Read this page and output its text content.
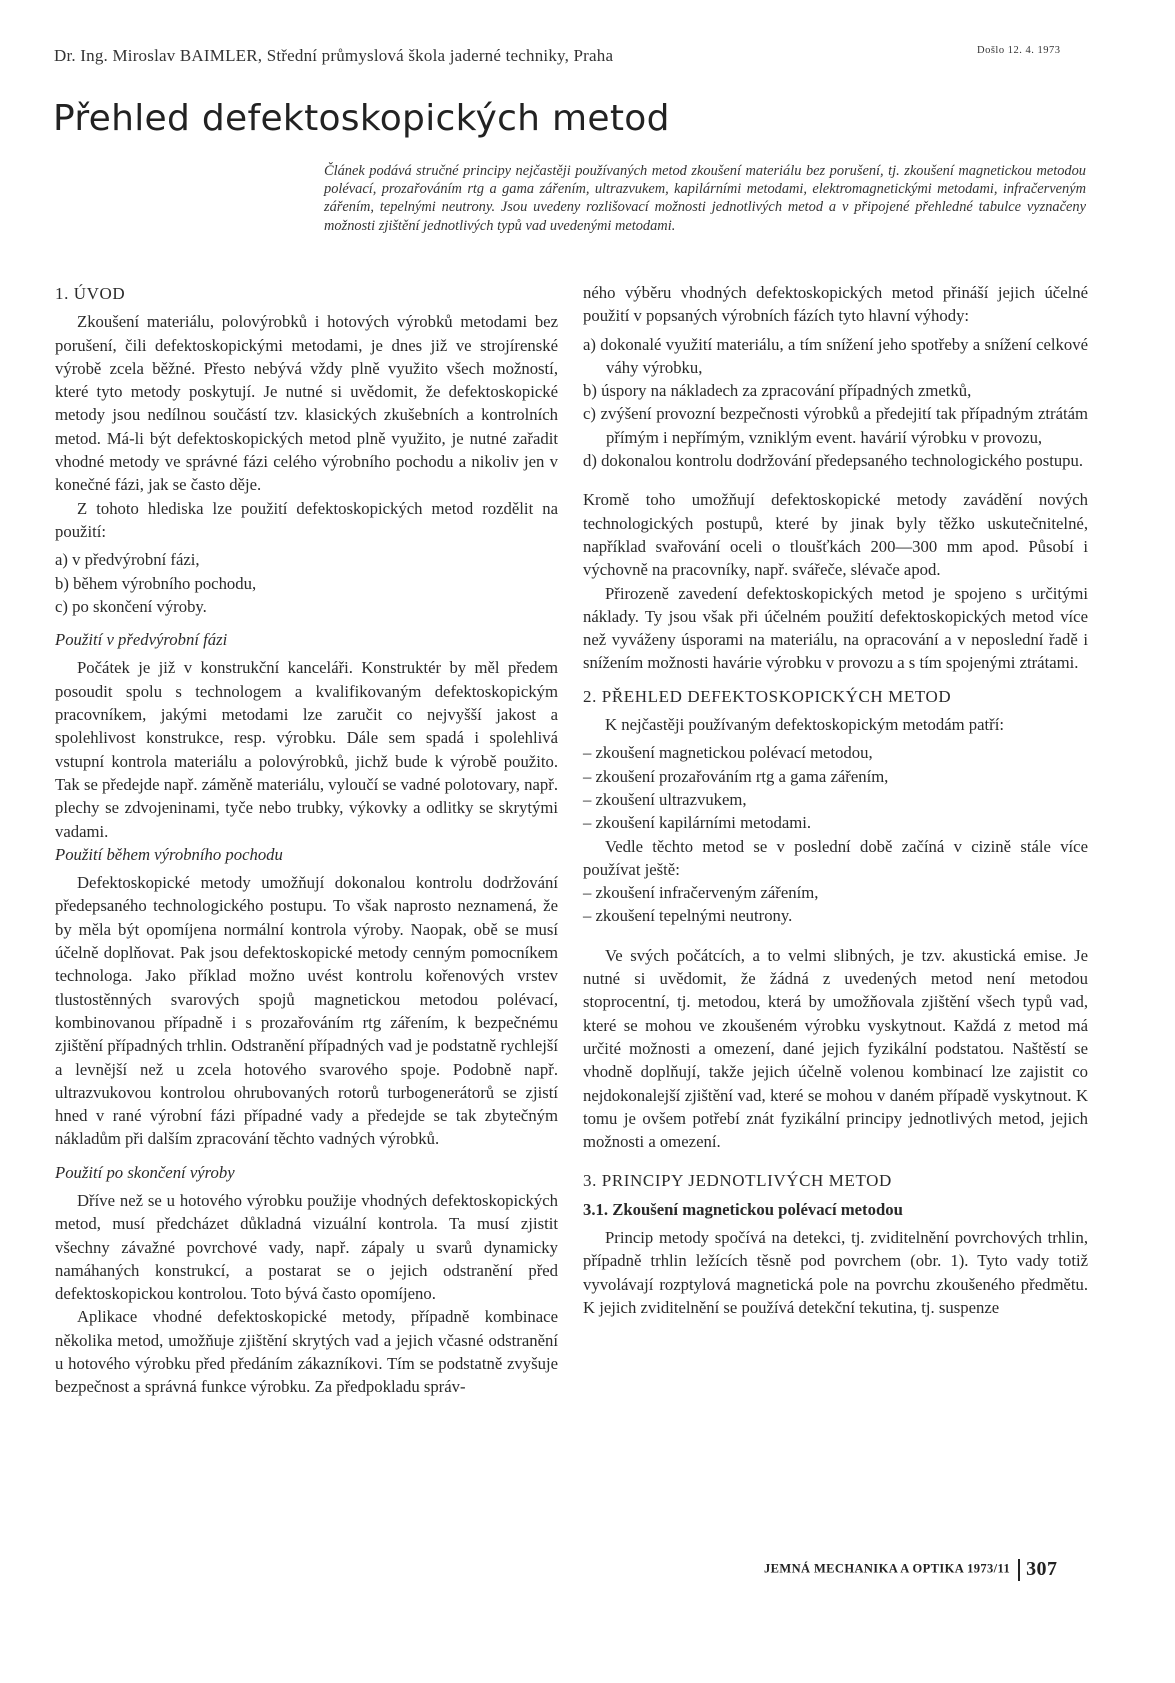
Dr. Ing. Miroslav BAIMLER, Střední průmyslová škola jaderné techniky, Praha	Došlo 12. 4. 1973
Přehled defektoskopických metod
Článek podává stručné principy nejčastěji používaných metod zkoušení materiálu bez porušení, tj. zkoušení magnetickou metodou polévací, prozařováním rtg a gama zářením, ultrazvukem, kapilárními metodami, elektromagnetickými metodami, infračerveným zářením, tepelnými neutrony. Jsou uvedeny rozlišovací možnosti jednotlivých metod a v připojené přehledné tabulce vyznačeny možnosti zjištění jednotlivých typů vad uvedenými metodami.

1. ÚVOD

Zkoušení materiálu, polovýrobků i hotových výrobků metodami bez porušení, čili defektoskopickými metodami, je dnes již ve strojírenské výrobě zcela běžné. Přesto nebývá vždy plně využito všech možností, které tyto metody poskytují. Je nutné si uvědomit, že defektoskopické metody jsou nedílnou součástí tzv. klasických zkušebních a kontrolních metod. Má-li být defektoskopických metod plně využito, je nutné zařadit vhodné metody ve správné fázi celého výrobního pochodu a nikoliv jen v konečné fázi, jak se často děje.

Z tohoto hlediska lze použití defektoskopických metod rozdělit na použití:

a) v předvýrobní fázi,
b) během výrobního pochodu,
c) po skončení výroby.

Použití v předvýrobní fázi

Počátek je již v konstrukční kanceláři. Konstruktér by měl předem posoudit spolu s technologem a kvalifikovaným defektoskopickým pracovníkem, jakými metodami lze zaručit co nejvyšší jakost a spolehlivost konstrukce, resp. výrobku. Dále sem spadá i spolehlivá vstupní kontrola materiálu a polovýrobků, jichž bude k výrobě použito. Tak se předejde např. záměně materiálu, vyloučí se vadné polotovary, např. plechy se zdvojeninami, tyče nebo trubky, výkovky a odlitky se skrytými vadami.

Použití během výrobního pochodu

Defektoskopické metody umožňují dokonalou kontrolu dodržování předepsaného technologického postupu. To však naprosto neznamená, že by měla být opomíjena normální kontrola výroby. Naopak, obě se musí účelně doplňovat. Pak jsou defektoskopické metody cenným pomocníkem technologa. Jako příklad možno uvést kontrolu kořenových vrstev tlustostěnných svarových spojů magnetickou metodou polévací, kombinovanou případně i s prozařováním rtg zářením, k bezpečnému zjištění případných trhlin. Odstranění případných vad je podstatně rychlejší a levnější než u zcela hotového svarového spoje. Podobně např. ultrazvukovou kontrolou ohrubovaných rotorů turbogenerátorů se zjistí hned v rané výrobní fázi případné vady a předejde se tak zbytečným nákladům při dalším zpracování těchto vadných výrobků.

Použití po skončení výroby

Dříve než se u hotového výrobku použije vhodných defektoskopických metod, musí předcházet důkladná vizuální kontrola. Ta musí zjistit všechny závažné povrchové vady, např. zápaly u svarů dynamicky namáhaných konstrukcí, a postarat se o jejich odstranění před defektoskopickou kontrolou. Toto bývá často opomíjeno.

Aplikace vhodné defektoskopické metody, případně kombinace několika metod, umožňuje zjištění skrytých vad a jejich včasné odstranění u hotového výrobku před předáním zákazníkovi. Tím se podstatně zvyšuje bezpečnost a správná funkce výrobku. Za předpokladu správ-

ného výběru vhodných defektoskopických metod přináší jejich účelné použití v popsaných výrobních fázích tyto hlavní výhody:

a) dokonalé využití materiálu, a tím snížení jeho spotřeby a snížení celkové váhy výrobku,
b) úspory na nákladech za zpracování případných zmetků,
c) zvýšení provozní bezpečnosti výrobků a předejití tak případným ztrátám přímým i nepřímým, vzniklým event. havárií výrobku v provozu,
d) dokonalou kontrolu dodržování předepsaného technologického postupu.

Kromě toho umožňují defektoskopické metody zavádění nových technologických postupů, které by jinak byly těžko uskutečnitelné, například svařování oceli o tloušťkách 200—300 mm apod. Působí i výchovně na pracovníky, např. svářeče, slévače apod.

Přirozeně zavedení defektoskopických metod je spojeno s určitými náklady. Ty jsou však při účelném použití defektoskopických metod více než vyváženy úsporami na materiálu, na opracování a v neposlední řadě i snížením možnosti havárie výrobku v provozu a s tím spojenými ztrátami.

2. PŘEHLED DEFEKTOSKOPICKÝCH METOD

K nejčastěji používaným defektoskopickým metodám patří:

– zkoušení magnetickou polévací metodou,
– zkoušení prozařováním rtg a gama zářením,
– zkoušení ultrazvukem,
– zkoušení kapilárními metodami.

Vedle těchto metod se v poslední době začíná v cizině stále více používat ještě:

– zkoušení infračerveným zářením,
– zkoušení tepelnými neutrony.

Ve svých počátcích, a to velmi slibných, je tzv. akustická emise. Je nutné si uvědomit, že žádná z uvedených metod není metodou stoprocentní, tj. metodou, která by umožňovala zjištění všech typů vad, které se mohou ve zkoušeném výrobku vyskytnout. Každá z metod má určité možnosti a omezení, dané jejich fyzikální podstatou. Naštěstí se vhodně doplňují, takže jejich účelně volenou kombinací lze zajistit co nejdokonalejší zjištění vad, které se mohou v daném případě vyskytnout. K tomu je ovšem potřebí znát fyzikální principy jednotlivých metod, jejich možnosti a omezení.

3. PRINCIPY JEDNOTLIVÝCH METOD

3.1. Zkoušení magnetickou polévací metodou

Princip metody spočívá na detekci, tj. zviditelnění povrchových trhlin, případně trhlin ležících těsně pod povrchem (obr. 1). Tyto vady totiž vyvolávají rozptylová magnetická pole na povrchu zkoušeného předmětu. K jejich zviditelnění se používá detekční tekutina, tj. suspenze

JEMNÁ MECHANIKA A OPTIKA 1973/11 307
